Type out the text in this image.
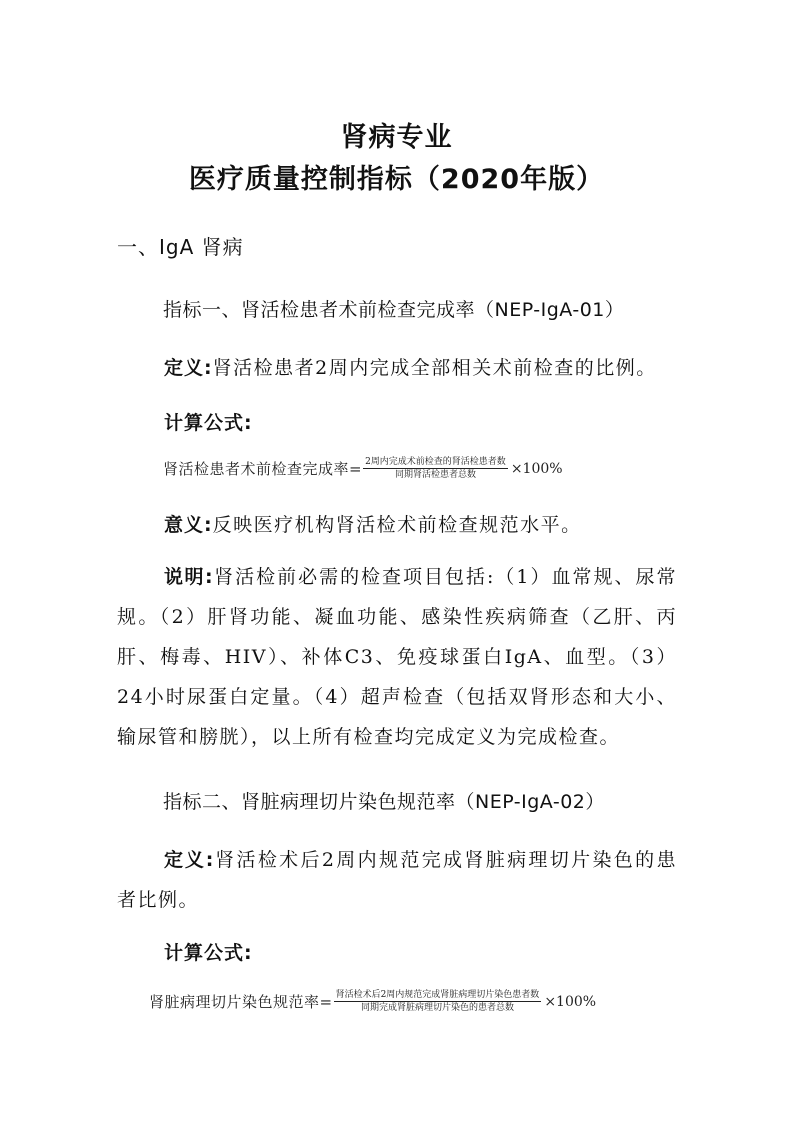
肾病专业
医疗质量控制指标（2020年版）
一、IgA 肾病
指标一、肾活检患者术前检查完成率（NEP-IgA-01）
定义:肾活检患者2周内完成全部相关术前检查的比例。
计算公式:
肾活检患者术前检查完成率= $\frac{\text{2周内完成术前检查的肾活检患者数}}{\text{同期肾活检患者总数}} \times 100\%$
意义:反映医疗机构肾活检术前检查规范水平。
说明:肾活检前必需的检查项目包括:（1）血常规、尿常规。（2）肝肾功能、凝血功能、感染性疾病筛查（乙肝、丙肝、梅毒、HIV）、补体C3、免疫球蛋白IgA、血型。（3）24小时尿蛋白定量。（4）超声检查（包括双肾形态和大小、输尿管和膀胱），以上所有检查均完成定义为完成检查。
指标二、肾脏病理切片染色规范率（NEP-IgA-02）
定义:肾活检术后2周内规范完成肾脏病理切片染色的患者比例。
计算公式:
肾脏病理切片染色规范率= $\frac{\text{肾活检术后2周内规范完成肾脏病理切片染色患者数}}{\text{同期完成肾脏病理切片染色的患者总数}} \times 100\%$
